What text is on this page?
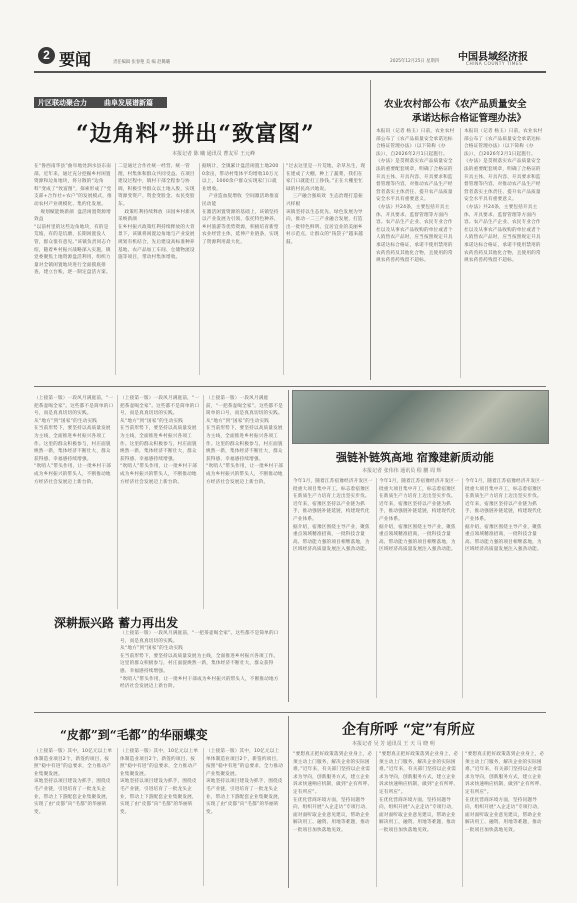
2 要闻	责任编辑 张春艳 美 编 赵璐璐	2025年12月25日 星期四 中国县域经济报
CHINA COUNTY TIMES
片区联动聚合力 曲阜发展谱新篇
“边角料”拼出“致富图”
本报记者 陈 曦 通讯员 曹友军 王元峰
在“鲁西南华县”曲阜地处泗水县东南部，近年来，通过充分挖掘乡村闲置资源和边角地块，将分散的“边角料”变成了“致富图”，探索形成了“党支部+合作社+农户”的发展模式，推动农村产业规模化、集约化发展。
　 规划赋能焕新颜  盘活闲置资源增效益
“以前村里的这些边角地块，有的是荒坡，有的是坑塘，长期闲置没人管，群众很有意见。”该镇负责同志介绍，随着乡村振兴战略深入实施，镇党委聚焦土地资源盘活利用，组织力量对全镇闲置地块进行全面摸底排查，建立台账，逐一制定盘活方案。
二是通过合作社统一经营、统一管理，村集体和群众共同受益。在项目建设过程中，镇村干部全程参与协调，积极引导群众以土地入股，实现资源变资产、资金变股金、农民变股东。
　 政策红利持续释放  田园乡村新风采焕新颜
在乡村振兴政策红利持续释放的大背景下，该镇将闲置边角地与产业发展规划有机结合，先后建设高标准种养基地、农产品加工车间、仓储物流设施等项目，带动村集体增收。
据统计，全镇累计盘活闲置土地2000余亩，带动村集体平均增收10万元以上，1000余户群众实现家门口就业增收。
　 产业造血促增收  空间激活助推富民动能
在激活闲置资源的基础上，该镇坚持以产业发展为引领，依托特色种养、乡村旅游等优势资源，积极培育新型农业经营主体，延伸产业链条，实现了资源利用最大化。
“过去这里是一片荒地，杂草丛生，现在建成了大棚，种上了蔬菜，我们在家门口就能打工挣钱。”正在大棚里忙碌的村民高兴地说。
　 三产融合强质效  生态治理打造振兴样板
该镇坚持以生态优先、绿色发展为导向，推动一二三产业融合发展，打造出一批特色鲜明、宜居宜业的美丽乡村示范点，让群众的“钱袋子”越来越鼓。
农业农村部公布《农产品质量安全
承诺达标合格证管理办法》
本报讯（记者 杨玉）日前，农业农村部公布了《农产品质量安全承诺达标合格证管理办法》（以下简称《办法》），自2026年2月1日起施行。
《办法》是贯彻落实农产品质量安全法的重要配套规章，明确了合格证的开具主体、开具内容、开具要求和监督管理等内容，对推动农产品生产经营者落实主体责任、提升农产品质量安全水平具有重要意义。
《办法》共24条，主要包括开具主体、开具要求、监督管理等方面内容。农产品生产企业、农民专业合作社以及从事农产品收购的单位或者个人销售农产品时，应当按照规定开具承诺达标合格证，承诺不使用禁用的农药兽药及其他化合物，且使用的常规农药兽药残留不超标。
本报讯（记者 杨玉）日前，农业农村部公布了《农产品质量安全承诺达标合格证管理办法》（以下简称《办法》），自2026年2月1日起施行。
《办法》是贯彻落实农产品质量安全法的重要配套规章，明确了合格证的开具主体、开具内容、开具要求和监督管理等内容，对推动农产品生产经营者落实主体责任、提升农产品质量安全水平具有重要意义。
《办法》共24条，主要包括开具主体、开具要求、监督管理等方面内容。农产品生产企业、农民专业合作社以及从事农产品收购的单位或者个人销售农产品时，应当按照规定开具承诺达标合格证，承诺不使用禁用的农药兽药及其他化合物，且使用的常规农药兽药残留不超标。
（上接第一版）一段风月满庭前，“一把茶壶喝全家”。这些都不是简单的口号，而是真真切切的实践。
从“地方”到“国家”的生动实践
在当前形势下，要坚持以高质量发展为主线，全面推进乡村振兴各项工作。这里的群众积极参与，村庄面貌焕然一新，集体经济不断壮大，群众获得感、幸福感持续增强。
“吹哨人”带头作用，让一批乡村干部成为乡村振兴的带头人，不断推动地方经济社会发展迈上新台阶。
（上接第一版）一段风月满庭前，“一把茶壶喝全家”。这些都不是简单的口号，而是真真切切的实践。
从“地方”到“国家”的生动实践
在当前形势下，要坚持以高质量发展为主线，全面推进乡村振兴各项工作。这里的群众积极参与，村庄面貌焕然一新，集体经济不断壮大，群众获得感、幸福感持续增强。
“吹哨人”带头作用，让一批乡村干部成为乡村振兴的带头人，不断推动地方经济社会发展迈上新台阶。
（上接第一版）一段风月满庭前，“一把茶壶喝全家”。这些都不是简单的口号，而是真真切切的实践。
从“地方”到“国家”的生动实践
在当前形势下，要坚持以高质量发展为主线，全面推进乡村振兴各项工作。这里的群众积极参与，村庄面貌焕然一新，集体经济不断壮大，群众获得感、幸福感持续增强。
“吹哨人”带头作用，让一批乡村干部成为乡村振兴的带头人，不断推动地方经济社会发展迈上新台阶。
深耕振兴路 蓄力再出发
（上接第一版）一段风月满庭前，“一把茶壶喝全家”。这些都不是简单的口号，而是真真切切的实践。
从“地方”到“国家”的生动实践
在当前形势下，要坚持以高质量发展为主线，全面推进乡村振兴各项工作。这里的群众积极参与，村庄面貌焕然一新，集体经济不断壮大，群众获得感、幸福感持续增强。
“吹哨人”带头作用，让一批乡村干部成为乡村振兴的带头人，不断推动地方经济社会发展迈上新台阶。
强链补链筑高地 宿豫建新质动能
本报记者 张伟伟 通讯员 程 鹏 周 辉
今年1月，随着江苏宿豫经济开发区一批重大项目集中开工，标志着宿豫区在新质生产力培育上迈出坚实步伐。近年来，宿豫区坚持以产业链为抓手，推动强链补链延链，构建现代化产业体系。
据介绍，宿豫区围绕主导产业，聚焦重点领域精准招商，一批科技含量高、带动能力强的项目相继落地，为区域经济高质量发展注入强劲动能。
今年1月，随着江苏宿豫经济开发区一批重大项目集中开工，标志着宿豫区在新质生产力培育上迈出坚实步伐。近年来，宿豫区坚持以产业链为抓手，推动强链补链延链，构建现代化产业体系。
据介绍，宿豫区围绕主导产业，聚焦重点领域精准招商，一批科技含量高、带动能力强的项目相继落地，为区域经济高质量发展注入强劲动能。
今年1月，随着江苏宿豫经济开发区一批重大项目集中开工，标志着宿豫区在新质生产力培育上迈出坚实步伐。近年来，宿豫区坚持以产业链为抓手，推动强链补链延链，构建现代化产业体系。
据介绍，宿豫区围绕主导产业，聚焦重点领域精准招商，一批科技含量高、带动能力强的项目相继落地，为区域经济高质量发展注入强劲动能。
“皮都”到“毛都”的华丽蝶变
（上接第一版）其中，10亿元以上单体制造业项目2个，新签约项目，按照“稳中有进”的总要求，全力推动产业集聚发展。
该地坚持以项目建设为抓手，围绕皮毛产业链，引进培育了一批龙头企业，带动上下游配套企业集聚发展，实现了由“皮都”向“毛都”的华丽转变。
（上接第一版）其中，10亿元以上单体制造业项目2个，新签约项目，按照“稳中有进”的总要求，全力推动产业集聚发展。
该地坚持以项目建设为抓手，围绕皮毛产业链，引进培育了一批龙头企业，带动上下游配套企业集聚发展，实现了由“皮都”向“毛都”的华丽转变。
（上接第一版）其中，10亿元以上单体制造业项目2个，新签约项目，按照“稳中有进”的总要求，全力推动产业集聚发展。
该地坚持以项目建设为抓手，围绕皮毛产业链，引进培育了一批龙头企业，带动上下游配套企业集聚发展，实现了由“皮都”向“毛都”的华丽转变。
企有所呼 “定”有所应
本报记者 吴 芳 通讯员 王 天 马 晓 明
“要想真正把好政策落到企业身上，必须主动上门服务，解决企业的实际困难。”近年来，有关部门坚持以企业需求为导向，创新服务方式，建立企业诉求快速响应机制，做到“企有所呼、定有所应”。
在优化营商环境方面，坚持问题导向，组织开展“入企走访”专项行动，面对面听取企业意见建议，帮助企业解决用工、融资、用地等难题，推动一批项目加快落地见效。
“要想真正把好政策落到企业身上，必须主动上门服务，解决企业的实际困难。”近年来，有关部门坚持以企业需求为导向，创新服务方式，建立企业诉求快速响应机制，做到“企有所呼、定有所应”。
在优化营商环境方面，坚持问题导向，组织开展“入企走访”专项行动，面对面听取企业意见建议，帮助企业解决用工、融资、用地等难题，推动一批项目加快落地见效。
“要想真正把好政策落到企业身上，必须主动上门服务，解决企业的实际困难。”近年来，有关部门坚持以企业需求为导向，创新服务方式，建立企业诉求快速响应机制，做到“企有所呼、定有所应”。
在优化营商环境方面，坚持问题导向，组织开展“入企走访”专项行动，面对面听取企业意见建议，帮助企业解决用工、融资、用地等难题，推动一批项目加快落地见效。
